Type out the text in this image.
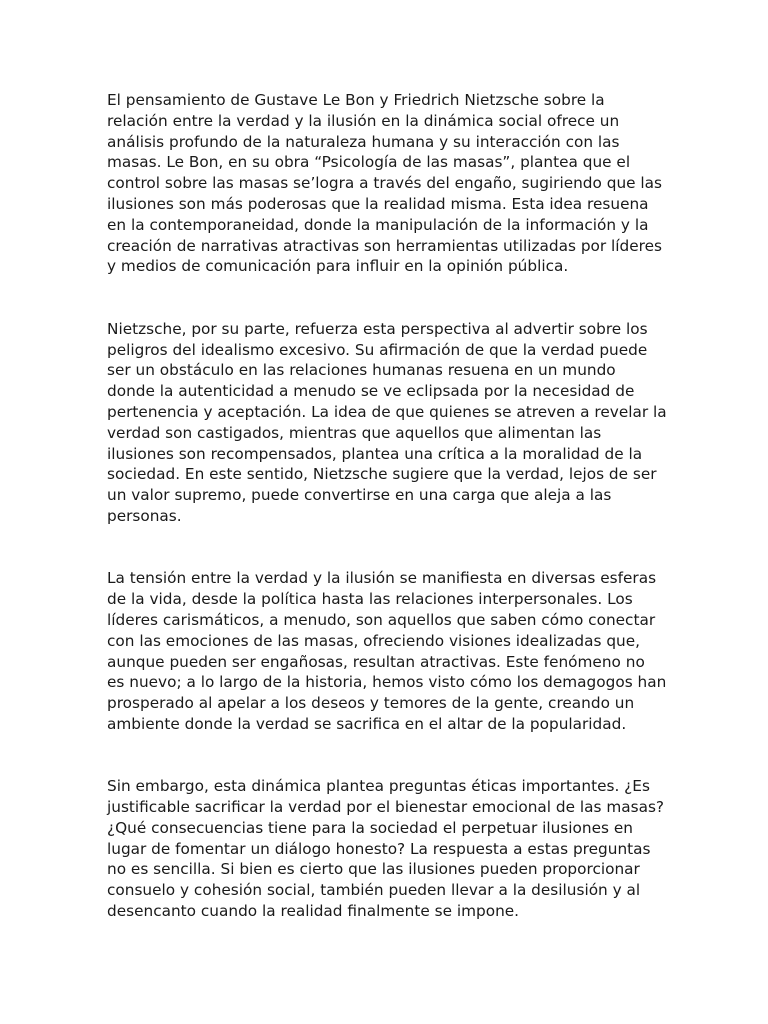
El pensamiento de Gustave Le Bon y Friedrich Nietzsche sobre la relación entre la verdad y la ilusión en la dinámica social ofrece un análisis profundo de la naturaleza humana y su interacción con las masas. Le Bon, en su obra “Psicología de las masas”, plantea que el control sobre las masas se’logra a través del engaño, sugiriendo que las ilusiones son más poderosas que la realidad misma. Esta idea resuena en la contemporaneidad, donde la manipulación de la información y la creación de narrativas atractivas son herramientas utilizadas por líderes y medios de comunicación para influir en la opinión pública.

Nietzsche, por su parte, refuerza esta perspectiva al advertir sobre los peligros del idealismo excesivo. Su afirmación de que la verdad puede ser un obstáculo en las relaciones humanas resuena en un mundo donde la autenticidad a menudo se ve eclipsada por la necesidad de pertenencia y aceptación. La idea de que quienes se atreven a revelar la verdad son castigados, mientras que aquellos que alimentan las ilusiones son recompensados, plantea una crítica a la moralidad de la sociedad. En este sentido, Nietzsche sugiere que la verdad, lejos de ser un valor supremo, puede convertirse en una carga que aleja a las personas.

La tensión entre la verdad y la ilusión se manifiesta en diversas esferas de la vida, desde la política hasta las relaciones interpersonales. Los líderes carismáticos, a menudo, son aquellos que saben cómo conectar con las emociones de las masas, ofreciendo visiones idealizadas que, aunque pueden ser engañosas, resultan atractivas. Este fenómeno no es nuevo; a lo largo de la historia, hemos visto cómo los demagogos han prosperado al apelar a los deseos y temores de la gente, creando un ambiente donde la verdad se sacrifica en el altar de la popularidad.

Sin embargo, esta dinámica plantea preguntas éticas importantes. ¿Es justificable sacrificar la verdad por el bienestar emocional de las masas? ¿Qué consecuencias tiene para la sociedad el perpetuar ilusiones en lugar de fomentar un diálogo honesto? La respuesta a estas preguntas no es sencilla. Si bien es cierto que las ilusiones pueden proporcionar consuelo y cohesión social, también pueden llevar a la desilusión y al desencanto cuando la realidad finalmente se impone.
